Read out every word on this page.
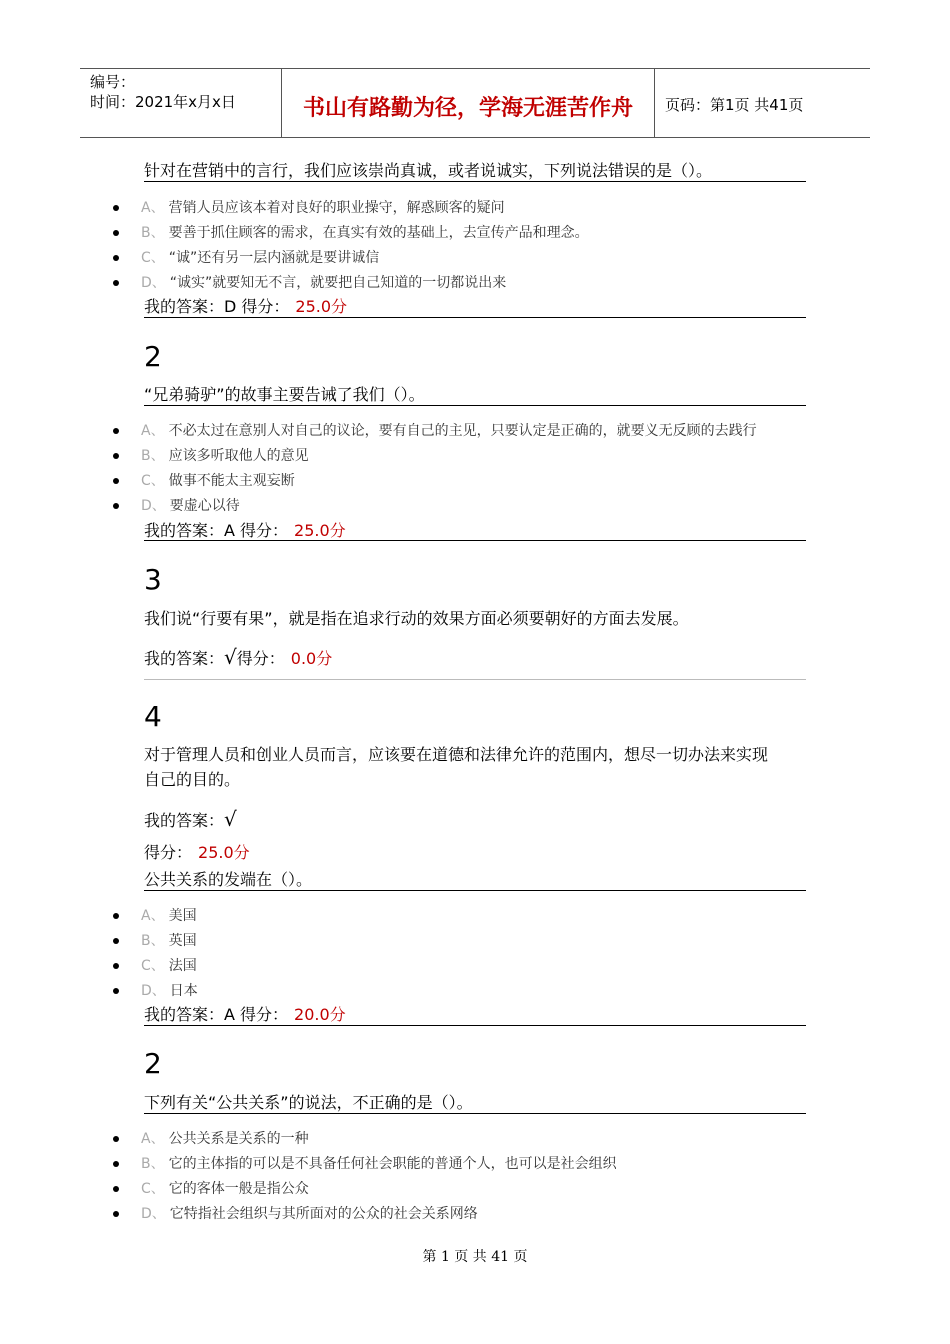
编号：
时间：2021年x月x日	书山有路勤为径，学海无涯苦作舟	页码：第1页 共41页
针对在营销中的言行，我们应该崇尚真诚，或者说诚实，下列说法错误的是（）。
A、 营销人员应该本着对良好的职业操守，解惑顾客的疑问
B、 要善于抓住顾客的需求，在真实有效的基础上，去宣传产品和理念。
C、 “诚”还有另一层内涵就是要讲诚信
D、 “诚实”就要知无不言，就要把自己知道的一切都说出来
我的答案：D 得分： 25.0分
2
“兄弟骑驴”的故事主要告诫了我们（）。
A、 不必太过在意别人对自己的议论，要有自己的主见，只要认定是正确的，就要义无反顾的去践行
B、 应该多听取他人的意见
C、 做事不能太主观妄断
D、 要虚心以待
我的答案：A 得分： 25.0分
3
我们说“行要有果”，就是指在追求行动的效果方面必须要朝好的方面去发展。
我的答案：√得分： 0.0分
4
对于管理人员和创业人员而言，应该要在道德和法律允许的范围内，想尽一切办法来实现
自己的目的。
我的答案：√
得分： 25.0分
公共关系的发端在（）。
A、 美国
B、 英国
C、 法国
D、 日本
我的答案：A 得分： 20.0分
2
下列有关“公共关系”的说法，不正确的是（）。
A、 公共关系是关系的一种
B、 它的主体指的可以是不具备任何社会职能的普通个人，也可以是社会组织
C、 它的客体一般是指公众
D、 它特指社会组织与其所面对的公众的社会关系网络
第 1 页 共 41 页
